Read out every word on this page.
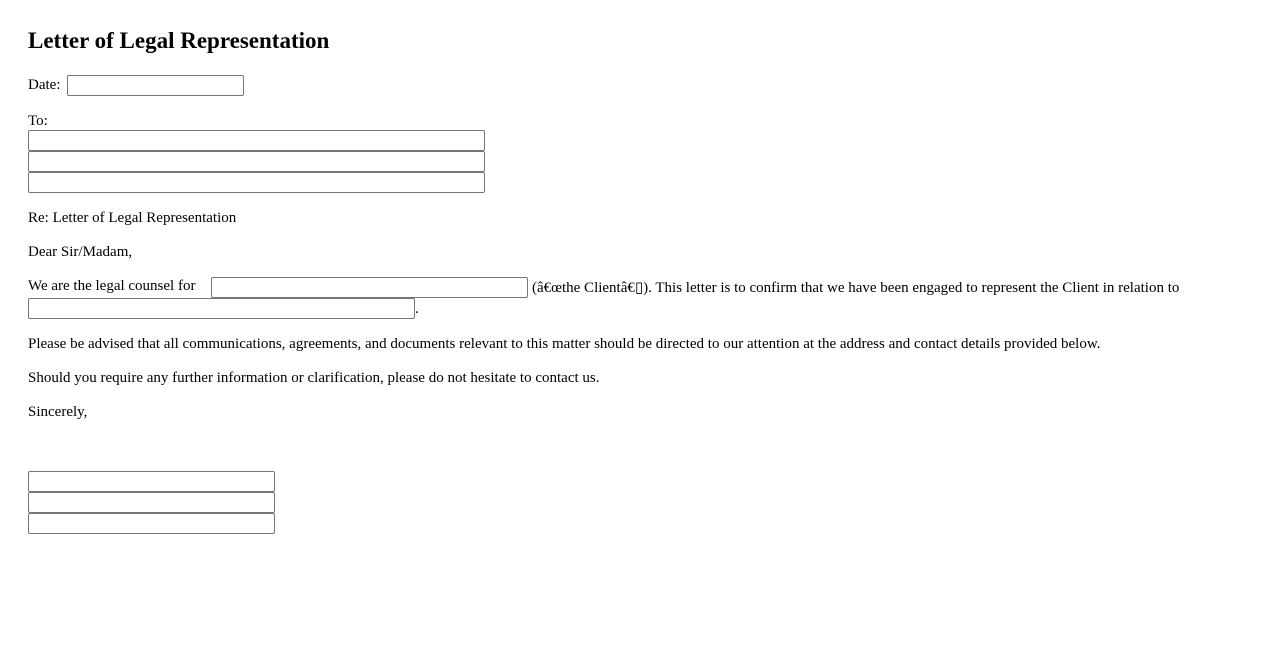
Letter of Legal Representation
Date:
To:
Re: Letter of Legal Representation
Dear Sir/Madam,
We are the legal counsel for	(â€œthe Clientâ€▯). This letter is to confirm that we have been engaged to represent the Client in relation to
.
Please be advised that all communications, agreements, and documents relevant to this matter should be directed to our attention at the address and contact details provided below.
Should you require any further information or clarification, please do not hesitate to contact us.
Sincerely,
